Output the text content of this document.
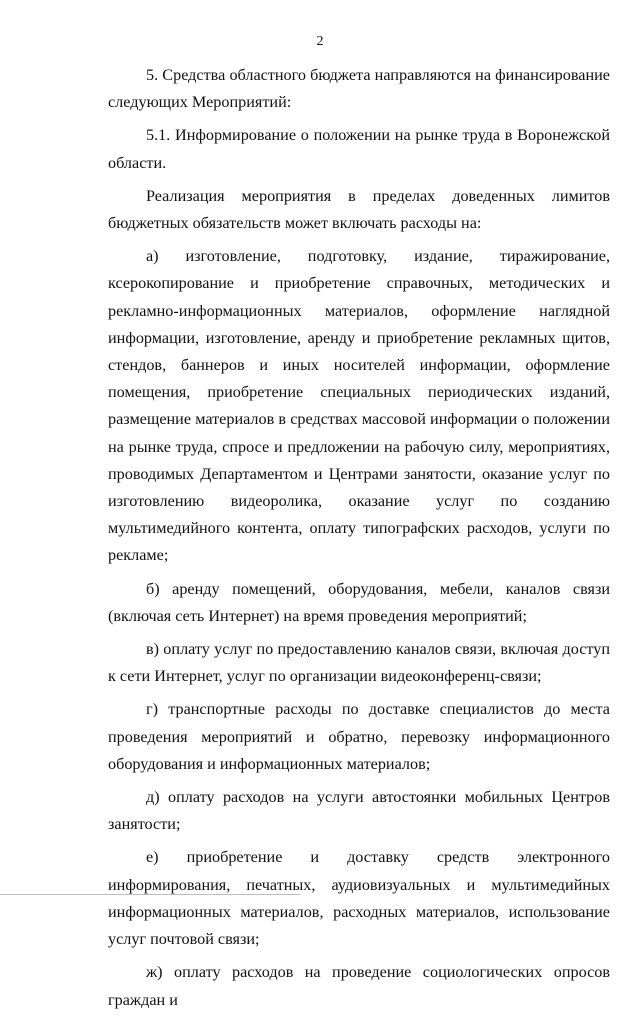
2

5. Средства областного бюджета направляются на финансирование следующих Мероприятий:

5.1. Информирование о положении на рынке труда в Воронежской области.

Реализация мероприятия в пределах доведенных лимитов бюджетных обязательств может включать расходы на:

а) изготовление, подготовку, издание, тиражирование, ксерокопирование и приобретение справочных, методических и рекламно-информационных материалов, оформление наглядной информации, изготовление, аренду и приобретение рекламных щитов, стендов, баннеров и иных носителей информации, оформление помещения, приобретение специальных периодических изданий, размещение материалов в средствах массовой информации о положении на рынке труда, спросе и предложении на рабочую силу, мероприятиях, проводимых Департаментом и Центрами занятости, оказание услуг по изготовлению видеоролика, оказание услуг по созданию мультимедийного контента, оплату типографских расходов, услуги по рекламе;

б) аренду помещений, оборудования, мебели, каналов связи (включая сеть Интернет) на время проведения мероприятий;

в) оплату услуг по предоставлению каналов связи, включая доступ к сети Интернет, услуг по организации видеоконференц-связи;

г) транспортные расходы по доставке специалистов до места проведения мероприятий и обратно, перевозку информационного оборудования и информационных материалов;

д) оплату расходов на услуги автостоянки мобильных Центров занятости;

е) приобретение и доставку средств электронного информирования, печатных, аудиовизуальных и мультимедийных информационных материалов, расходных материалов, использование услуг почтовой связи;

ж) оплату расходов на проведение социологических опросов граждан и
